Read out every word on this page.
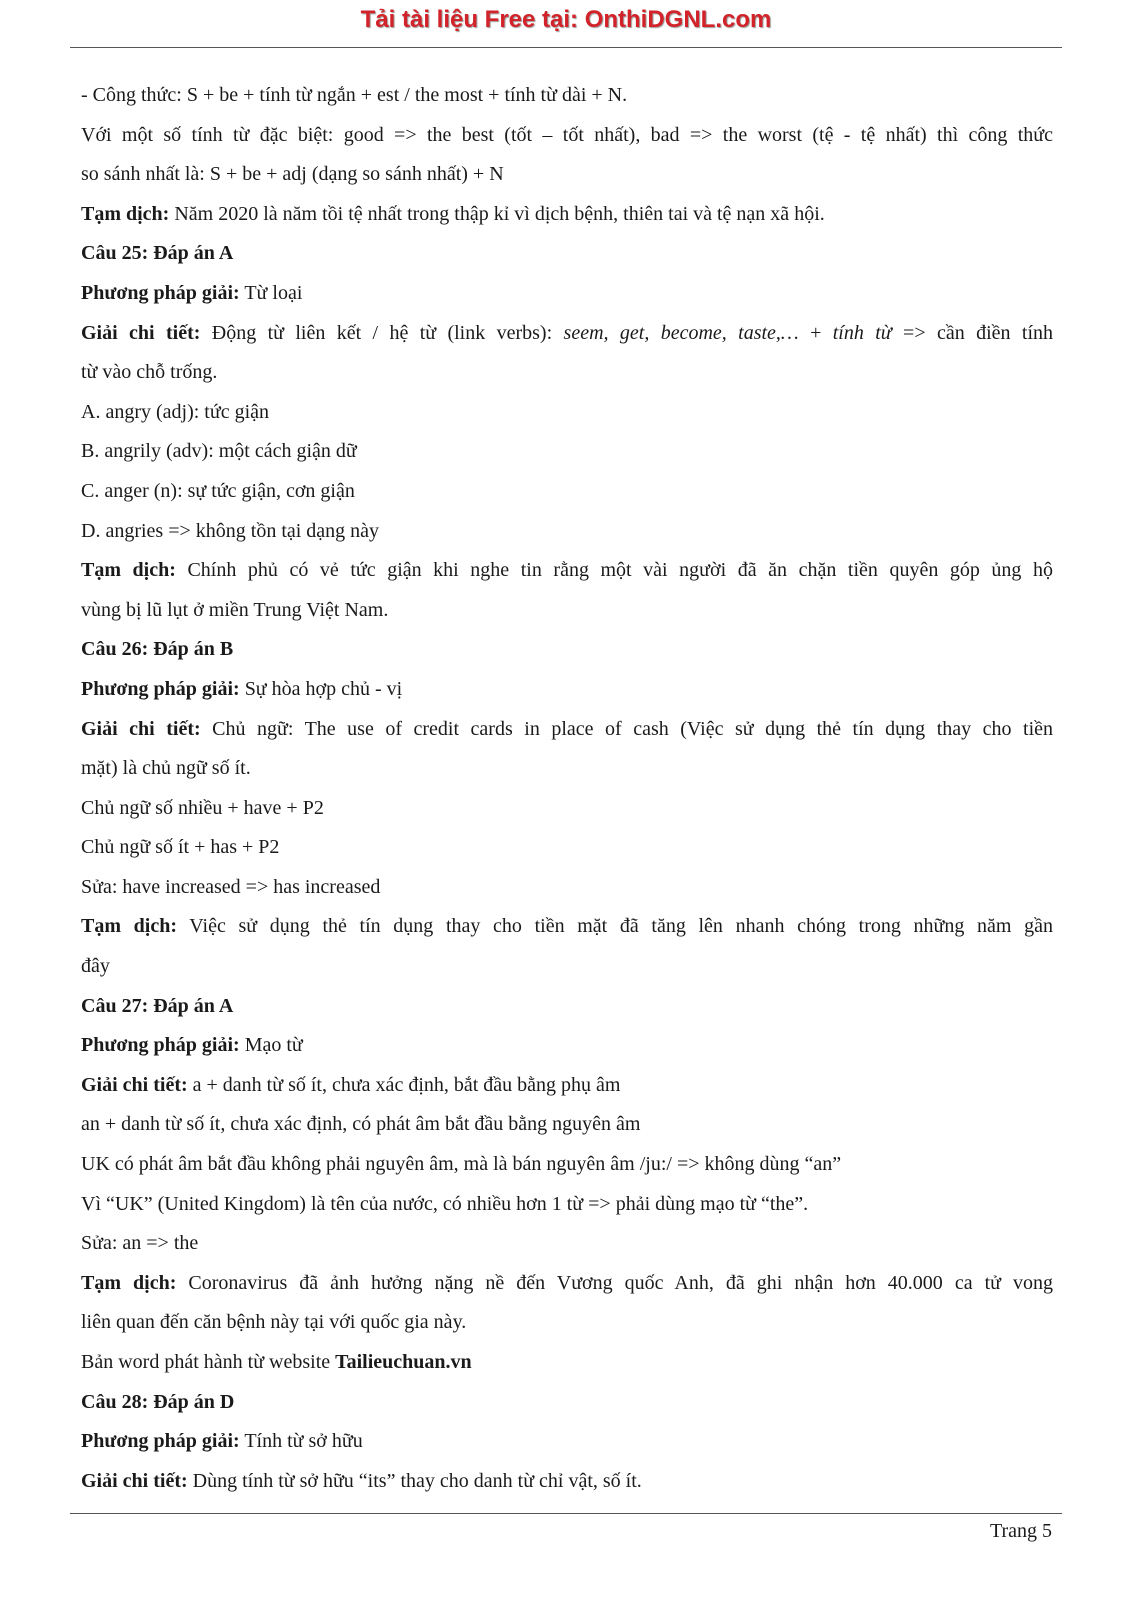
Tải tài liệu Free tại: OnthiDGNL.com
- Công thức: S + be + tính từ ngắn + est / the most + tính từ dài + N.
Với một số tính từ đặc biệt: good => the best (tốt – tốt nhất), bad => the worst (tệ - tệ nhất) thì công thức
so sánh nhất là: S + be + adj (dạng so sánh nhất) + N
Tạm dịch: Năm 2020 là năm tồi tệ nhất trong thập kỉ vì dịch bệnh, thiên tai và tệ nạn xã hội.
Câu 25: Đáp án A
Phương pháp giải: Từ loại
Giải chi tiết: Động từ liên kết / hệ từ (link verbs): seem, get, become, taste,… + tính từ => cần điền tính
từ vào chỗ trống.
A. angry (adj): tức giận
B. angrily (adv): một cách giận dữ
C. anger (n): sự tức giận, cơn giận
D. angries => không tồn tại dạng này
Tạm dịch: Chính phủ có vẻ tức giận khi nghe tin rằng một vài người đã ăn chặn tiền quyên góp ủng hộ
vùng bị lũ lụt ở miền Trung Việt Nam.
Câu 26: Đáp án B
Phương pháp giải: Sự hòa hợp chủ - vị
Giải chi tiết: Chủ ngữ: The use of credit cards in place of cash (Việc sử dụng thẻ tín dụng thay cho tiền
mặt) là chủ ngữ số ít.
Chủ ngữ số nhiều + have + P2
Chủ ngữ số ít + has + P2
Sửa: have increased => has increased
Tạm dịch: Việc sử dụng thẻ tín dụng thay cho tiền mặt đã tăng lên nhanh chóng trong những năm gần
đây
Câu 27: Đáp án A
Phương pháp giải: Mạo từ
Giải chi tiết: a + danh từ số ít, chưa xác định, bắt đầu bằng phụ âm
an + danh từ số ít, chưa xác định, có phát âm bắt đầu bằng nguyên âm
UK có phát âm bắt đầu không phải nguyên âm, mà là bán nguyên âm /ju:/ => không dùng “an”
Vì “UK” (United Kingdom) là tên của nước, có nhiều hơn 1 từ => phải dùng mạo từ “the”.
Sửa: an => the
Tạm dịch: Coronavirus đã ảnh hưởng nặng nề đến Vương quốc Anh, đã ghi nhận hơn 40.000 ca tử vong
liên quan đến căn bệnh này tại với quốc gia này.
Bản word phát hành từ website Tailieuchuan.vn
Câu 28: Đáp án D
Phương pháp giải: Tính từ sở hữu
Giải chi tiết: Dùng tính từ sở hữu “its” thay cho danh từ chỉ vật, số ít.
Trang 5
